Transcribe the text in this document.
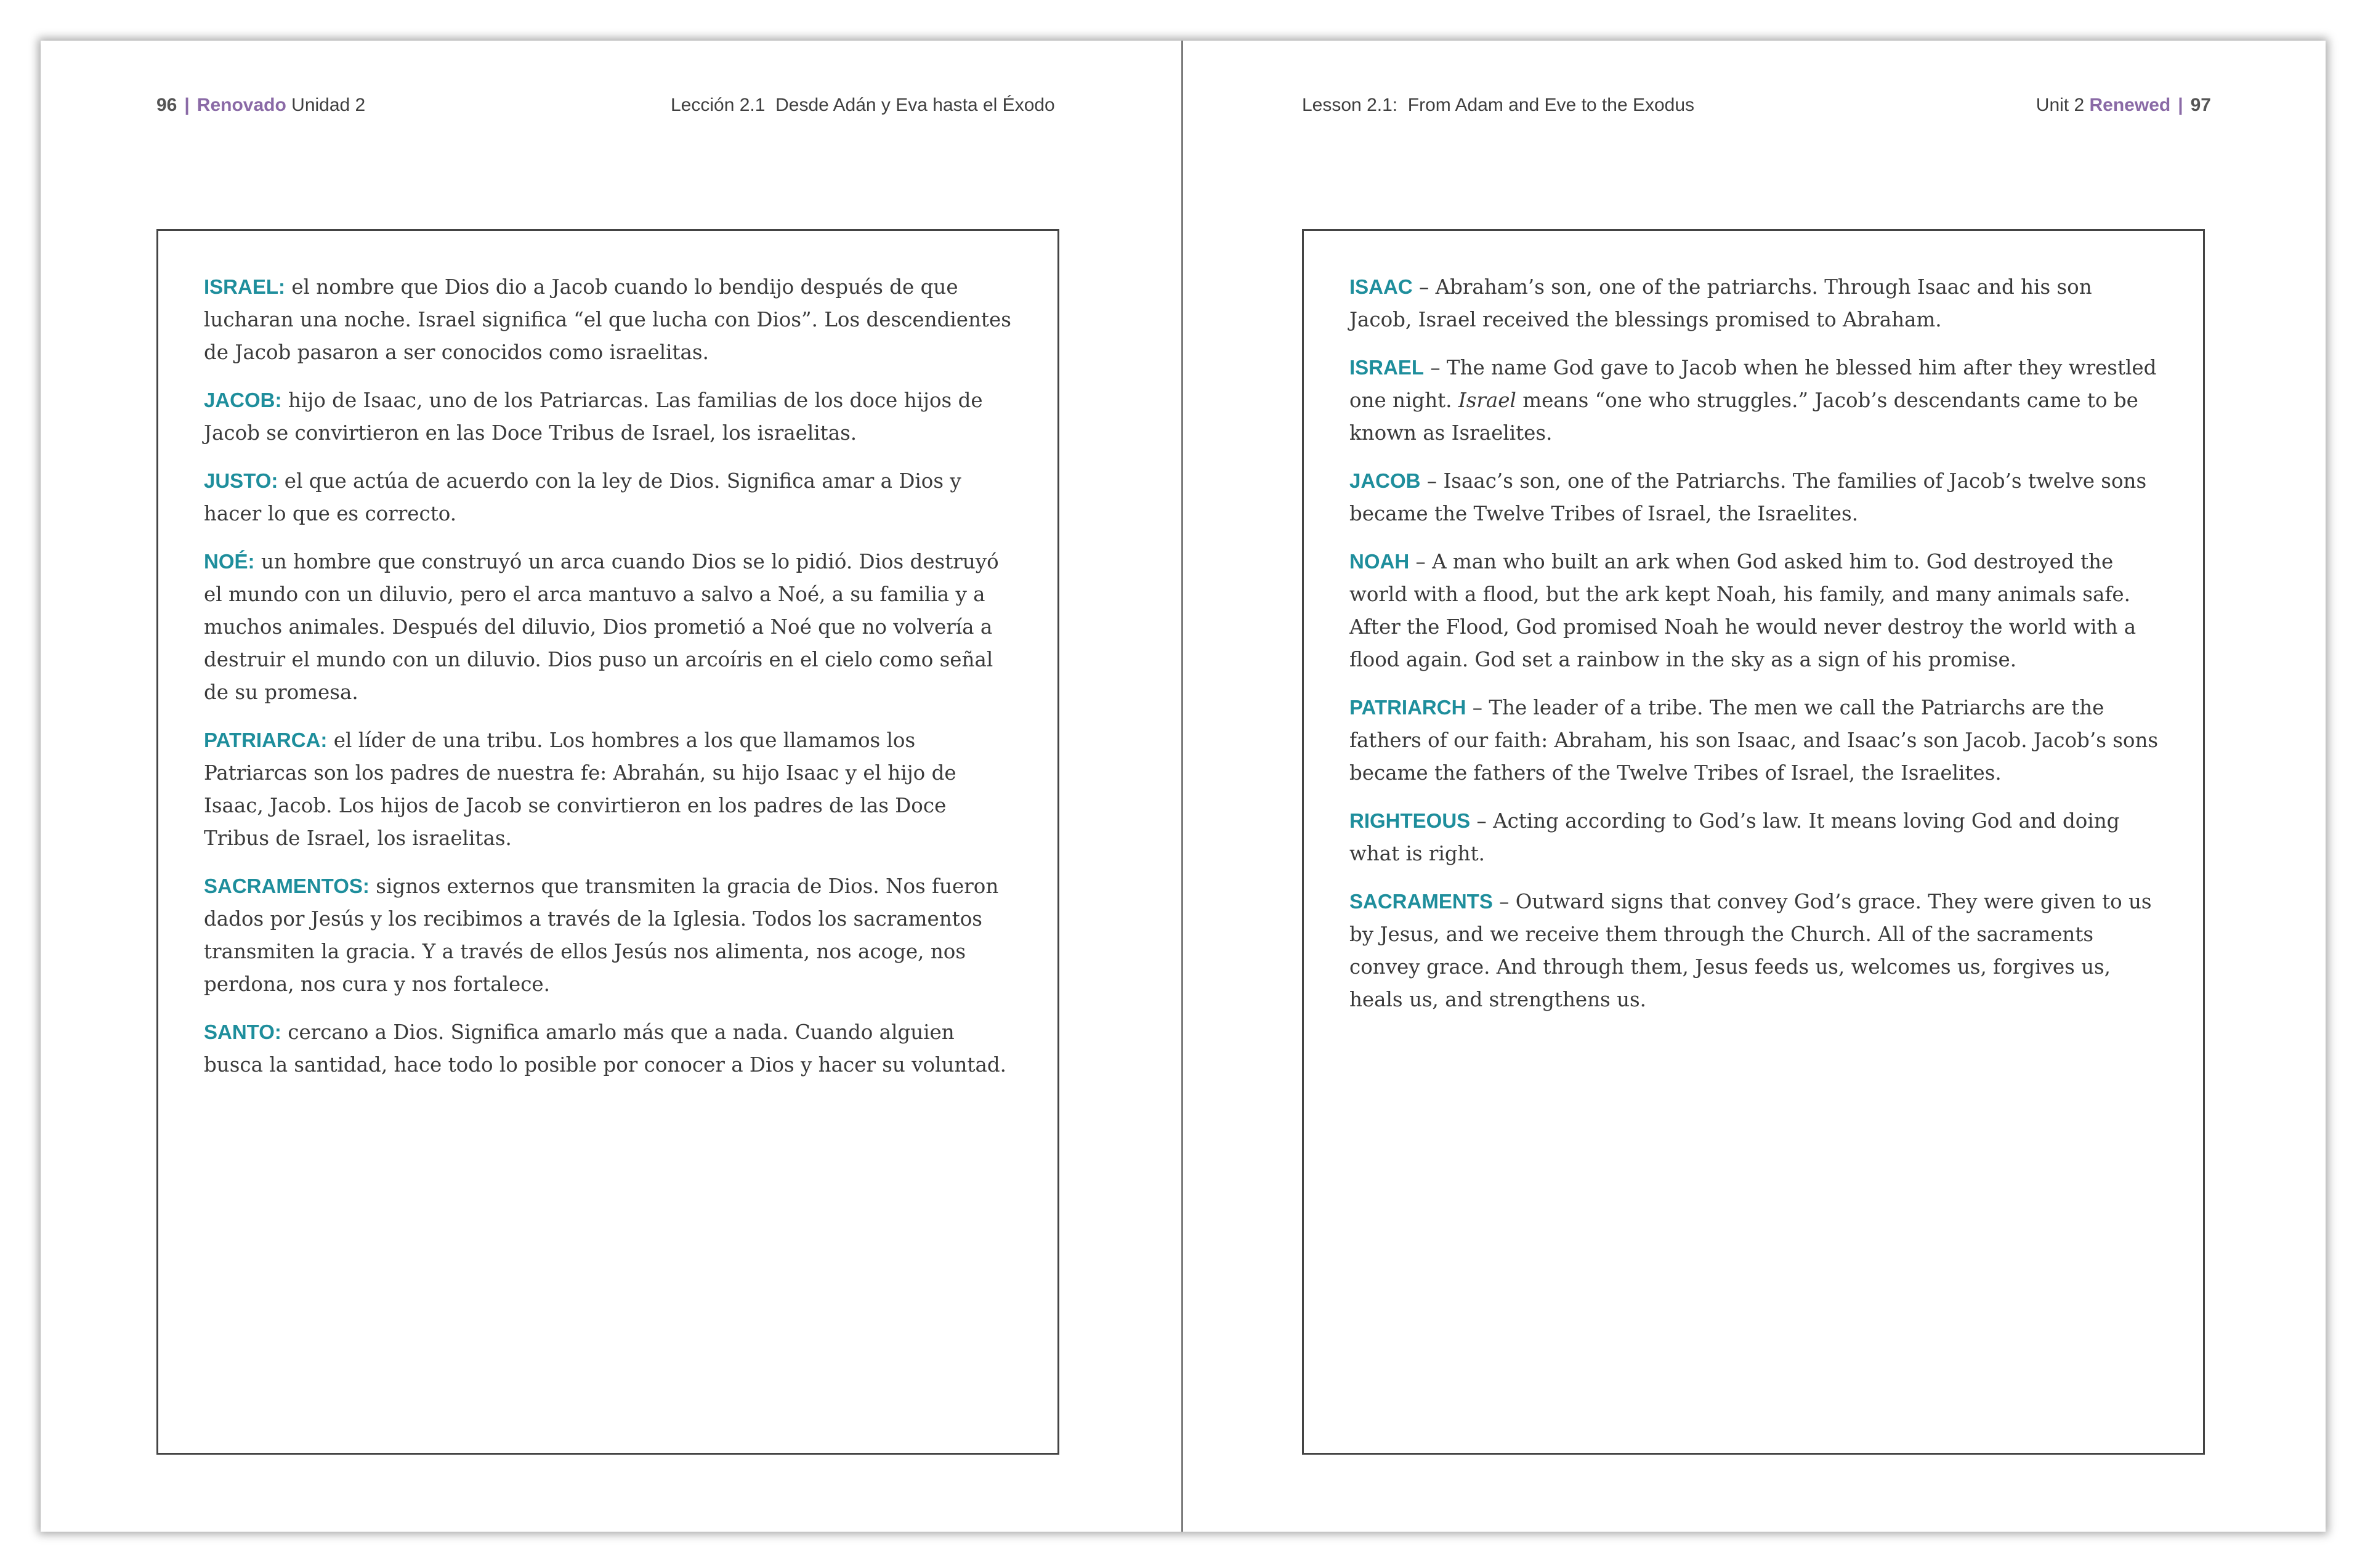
96 | Renovado Unidad 2	Lección 2.1  Desde Adán y Eva hasta el Éxodo	Lesson 2.1:  From Adam and Eve to the Exodus	Unit 2 Renewed | 97

ISRAEL: el nombre que Dios dio a Jacob cuando lo bendijo después de que lucharan una noche. Israel significa “el que lucha con Dios”. Los descendientes de Jacob pasaron a ser conocidos como israelitas.

JACOB: hijo de Isaac, uno de los Patriarcas. Las familias de los doce hijos de Jacob se convirtieron en las Doce Tribus de Israel, los israelitas.

JUSTO: el que actúa de acuerdo con la ley de Dios. Significa amar a Dios y hacer lo que es correcto.

NOÉ: un hombre que construyó un arca cuando Dios se lo pidió. Dios destruyó el mundo con un diluvio, pero el arca mantuvo a salvo a Noé, a su familia y a muchos animales. Después del diluvio, Dios prometió a Noé que no volvería a destruir el mundo con un diluvio. Dios puso un arcoíris en el cielo como señal de su promesa.

PATRIARCA: el líder de una tribu. Los hombres a los que llamamos los Patriarcas son los padres de nuestra fe: Abrahán, su hijo Isaac y el hijo de Isaac, Jacob. Los hijos de Jacob se convirtieron en los padres de las Doce Tribus de Israel, los israelitas.

SACRAMENTOS: signos externos que transmiten la gracia de Dios. Nos fueron dados por Jesús y los recibimos a través de la Iglesia. Todos los sacramentos transmiten la gracia. Y a través de ellos Jesús nos alimenta, nos acoge, nos perdona, nos cura y nos fortalece.

SANTO: cercano a Dios. Significa amarlo más que a nada. Cuando alguien busca la santidad, hace todo lo posible por conocer a Dios y hacer su voluntad.

ISAAC – Abraham’s son, one of the patriarchs. Through Isaac and his son Jacob, Israel received the blessings promised to Abraham.

ISRAEL – The name God gave to Jacob when he blessed him after they wrestled one night. Israel means “one who struggles.” Jacob’s descendants came to be known as Israelites.

JACOB – Isaac’s son, one of the Patriarchs. The families of Jacob’s twelve sons became the Twelve Tribes of Israel, the Israelites.

NOAH – A man who built an ark when God asked him to. God destroyed the world with a flood, but the ark kept Noah, his family, and many animals safe. After the Flood, God promised Noah he would never destroy the world with a flood again. God set a rainbow in the sky as a sign of his promise.

PATRIARCH – The leader of a tribe. The men we call the Patriarchs are the fathers of our faith: Abraham, his son Isaac, and Isaac’s son Jacob. Jacob’s sons became the fathers of the Twelve Tribes of Israel, the Israelites.

RIGHTEOUS – Acting according to God’s law. It means loving God and doing what is right.

SACRAMENTS – Outward signs that convey God’s grace. They were given to us by Jesus, and we receive them through the Church. All of the sacraments convey grace. And through them, Jesus feeds us, welcomes us, forgives us, heals us, and strengthens us.
